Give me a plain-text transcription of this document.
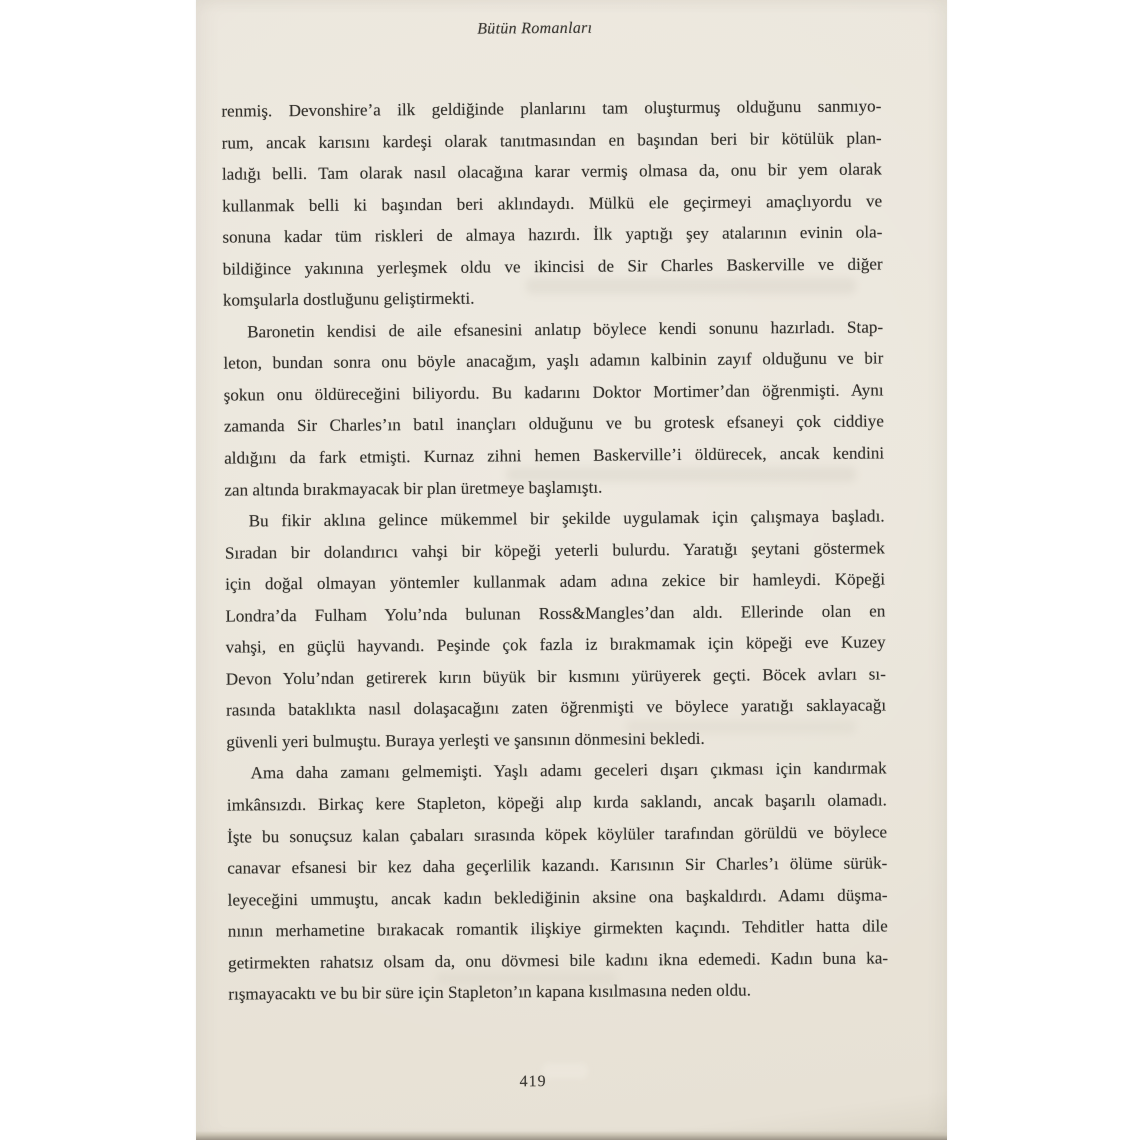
Bütün Romanları
renmiş. Devonshire’a ilk geldiğinde planlarını tam oluşturmuş olduğunu sanmıyo-
rum, ancak karısını kardeşi olarak tanıtmasından en başından beri bir kötülük plan-
ladığı belli. Tam olarak nasıl olacağına karar vermiş olmasa da, onu bir yem olarak
kullanmak belli ki başından beri aklındaydı. Mülkü ele geçirmeyi amaçlıyordu ve
sonuna kadar tüm riskleri de almaya hazırdı. İlk yaptığı şey atalarının evinin ola-
bildiğince yakınına yerleşmek oldu ve ikincisi de Sir Charles Baskerville ve diğer
komşularla dostluğunu geliştirmekti.
Baronetin kendisi de aile efsanesini anlatıp böylece kendi sonunu hazırladı. Stap-
leton, bundan sonra onu böyle anacağım, yaşlı adamın kalbinin zayıf olduğunu ve bir
şokun onu öldüreceğini biliyordu. Bu kadarını Doktor Mortimer’dan öğrenmişti. Aynı
zamanda Sir Charles’ın batıl inançları olduğunu ve bu grotesk efsaneyi çok ciddiye
aldığını da fark etmişti. Kurnaz zihni hemen Baskerville’i öldürecek, ancak kendini
zan altında bırakmayacak bir plan üretmeye başlamıştı.
Bu fikir aklına gelince mükemmel bir şekilde uygulamak için çalışmaya başladı.
Sıradan bir dolandırıcı vahşi bir köpeği yeterli bulurdu. Yaratığı şeytani göstermek
için doğal olmayan yöntemler kullanmak adam adına zekice bir hamleydi. Köpeği
Londra’da Fulham Yolu’nda bulunan Ross&Mangles’dan aldı. Ellerinde olan en
vahşi, en güçlü hayvandı. Peşinde çok fazla iz bırakmamak için köpeği eve Kuzey
Devon Yolu’ndan getirerek kırın büyük bir kısmını yürüyerek geçti. Böcek avları sı-
rasında bataklıkta nasıl dolaşacağını zaten öğrenmişti ve böylece yaratığı saklayacağı
güvenli yeri bulmuştu. Buraya yerleşti ve şansının dönmesini bekledi.
Ama daha zamanı gelmemişti. Yaşlı adamı geceleri dışarı çıkması için kandırmak
imkânsızdı. Birkaç kere Stapleton, köpeği alıp kırda saklandı, ancak başarılı olamadı.
İşte bu sonuçsuz kalan çabaları sırasında köpek köylüler tarafından görüldü ve böylece
canavar efsanesi bir kez daha geçerlilik kazandı. Karısının Sir Charles’ı ölüme sürük-
leyeceğini ummuştu, ancak kadın beklediğinin aksine ona başkaldırdı. Adamı düşma-
nının merhametine bırakacak romantik ilişkiye girmekten kaçındı. Tehditler hatta dile
getirmekten rahatsız olsam da, onu dövmesi bile kadını ikna edemedi. Kadın buna ka-
rışmayacaktı ve bu bir süre için Stapleton’ın kapana kısılmasına neden oldu.
419
